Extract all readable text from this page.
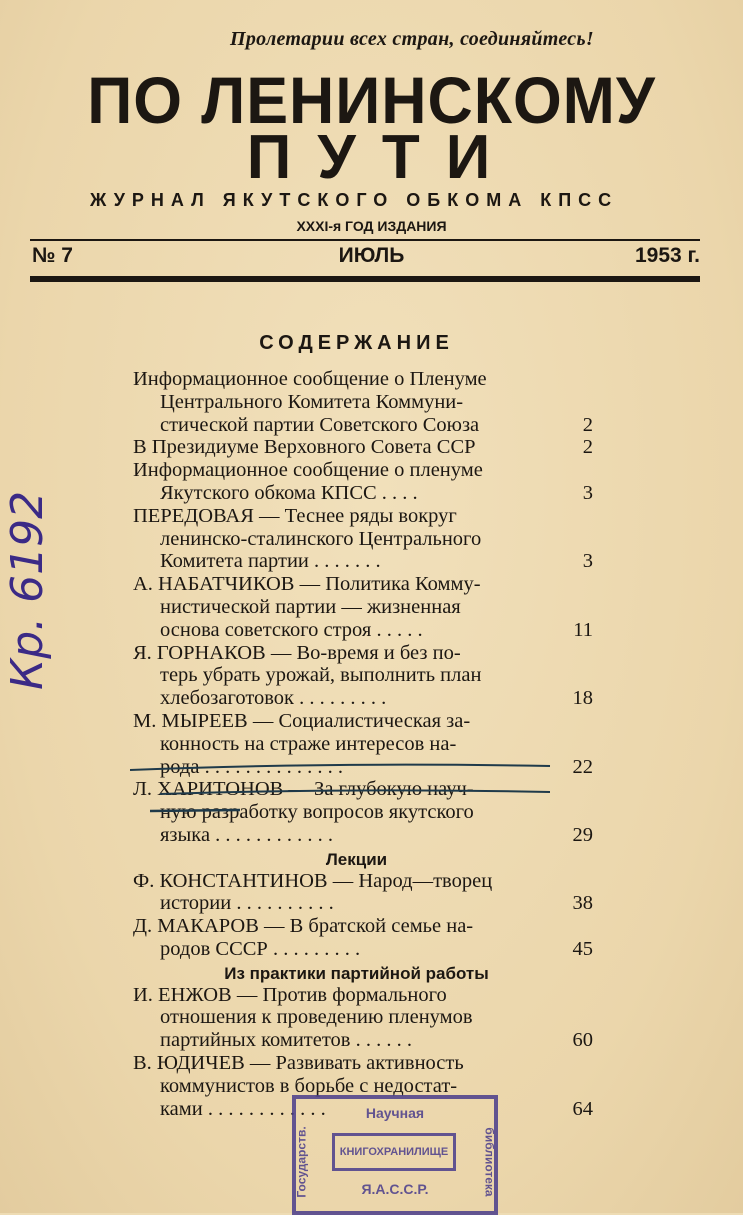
Пролетарии всех стран, соединяйтесь!
ПО ЛЕНИНСКОМУ
ПУТИ
ЖУРНАЛ ЯКУТСКОГО ОБКОМА КПСС
XXXI-я ГОД ИЗДАНИЯ
№ 7	ИЮЛЬ	1953 г.
СОДЕРЖАНИЕ
Информационное сообщение о Пленуме
Центрального Комитета Коммуни-
стической партии Советского Союза	2
В Президиуме Верховного Совета ССР	2
Информационное сообщение о пленуме
Якутского обкома КПСС . . . .	3
ПЕРЕДОВАЯ — Теснее ряды вокруг
ленинско-сталинского Центрального
Комитета партии . . . . . . .	3
А. НАБАТЧИКОВ — Политика Комму-
нистической партии — жизненная
основа советского строя . . . . .	11
Я. ГОРНАКОВ — Во-время и без по-
терь убрать урожай, выполнить план
хлебозаготовок . . . . . . . . .	18
М. МЫРЕЕВ — Социалистическая за-
конность на страже интересов на-
рода . . . . . . . . . . . . . .	22
Л. ХАРИТОНОВ — За глубокую науч-
ную разработку вопросов якутского
языка . . . . . . . . . . . .	29
Лекции
Ф. КОНСТАНТИНОВ — Народ—творец
истории . . . . . . . . . .	38
Д. МАКАРОВ — В братской семье на-
родов СССР . . . . . . . . .	45
Из практики партийной работы
И. ЕНЖОВ — Против формального
отношения к проведению пленумов
партийных комитетов . . . . . .	60
В. ЮДИЧЕВ — Развивать активность
коммунистов в борьбе с недостат-
ками . . . . . . . . . . . .	64
Кр. 6192
Научная
КНИГОХРАНИЛИЩЕ
Я.А.С.С.Р.
Государств.	библиотека
